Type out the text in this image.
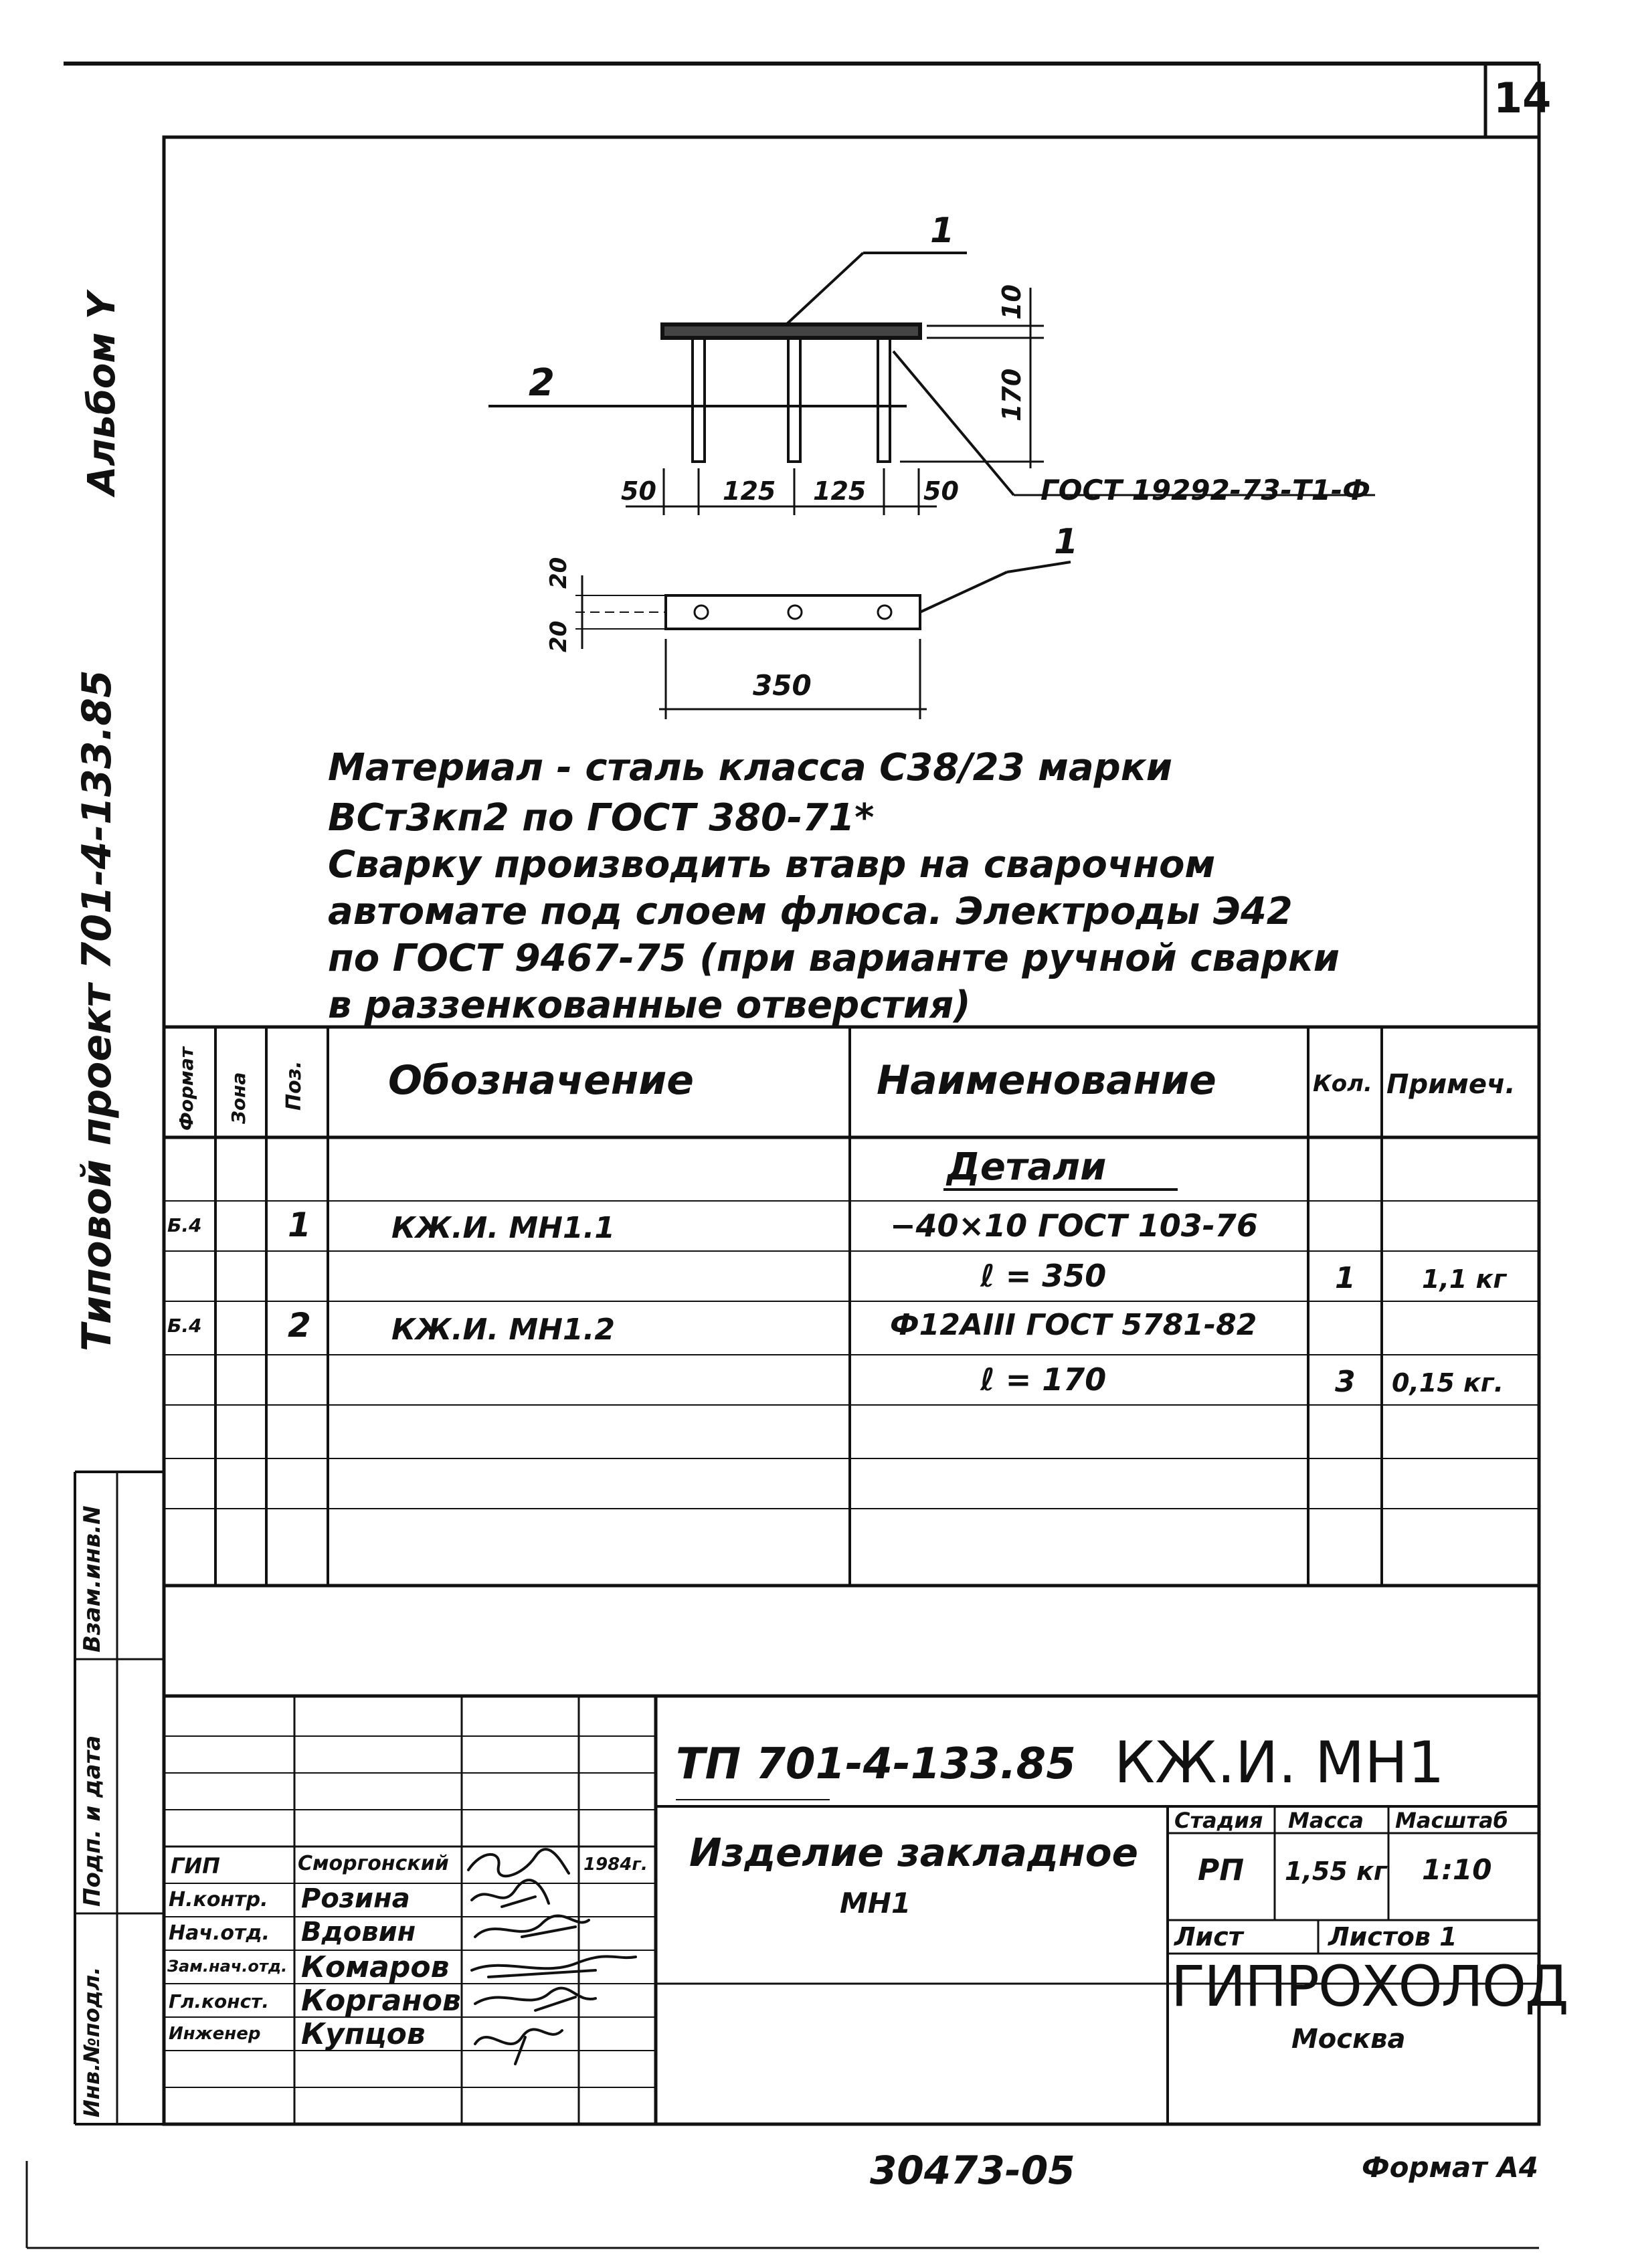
14
Альбом Y
Типовой проект 701-4-133.85
Взам.инв.N
Подп. и дата
Инв.№подл.
1
2
10
170
50	125 125 50	ГОСТ 19292-73-Т1-Ф
1
20
20
350
Материал - сталь класса С38/23 марки
ВСт3кп2 по ГОСТ 380-71*
Сварку производить втавр на сварочном
автомате под слоем флюса. Электроды Э42
по ГОСТ 9467-75 (при варианте ручной сварки
в раззенкованные отверстия)
Формат Зона Поз. Обозначение	Наименование	Кол. Примеч.
Детали
Б.4	1	КЖ.И. МН1.1	−40×10 ГОСТ 103-76
ℓ = 350	1	1,1 кг
Б.4	2	КЖ.И. МН1.2	Ф12АIII ГОСТ 5781-82
ℓ = 170	3 0,15 кг.
ТП 701-4-133.85 КЖ.И. МН1
Изделие закладное
МН1
Стадия Масса Масштаб
РП 1,55 кг 1:10
Лист	Листов 1
ГИПРОХОЛОД
Москва
ГИП	Смоpгонский	1984г.
Н.контр. Розина
Нач.отд. Вдовин
Зам.нач.отд. Комаров
Гл.конст. Корганов
Инженер Купцов
30473-05	Формат А4
